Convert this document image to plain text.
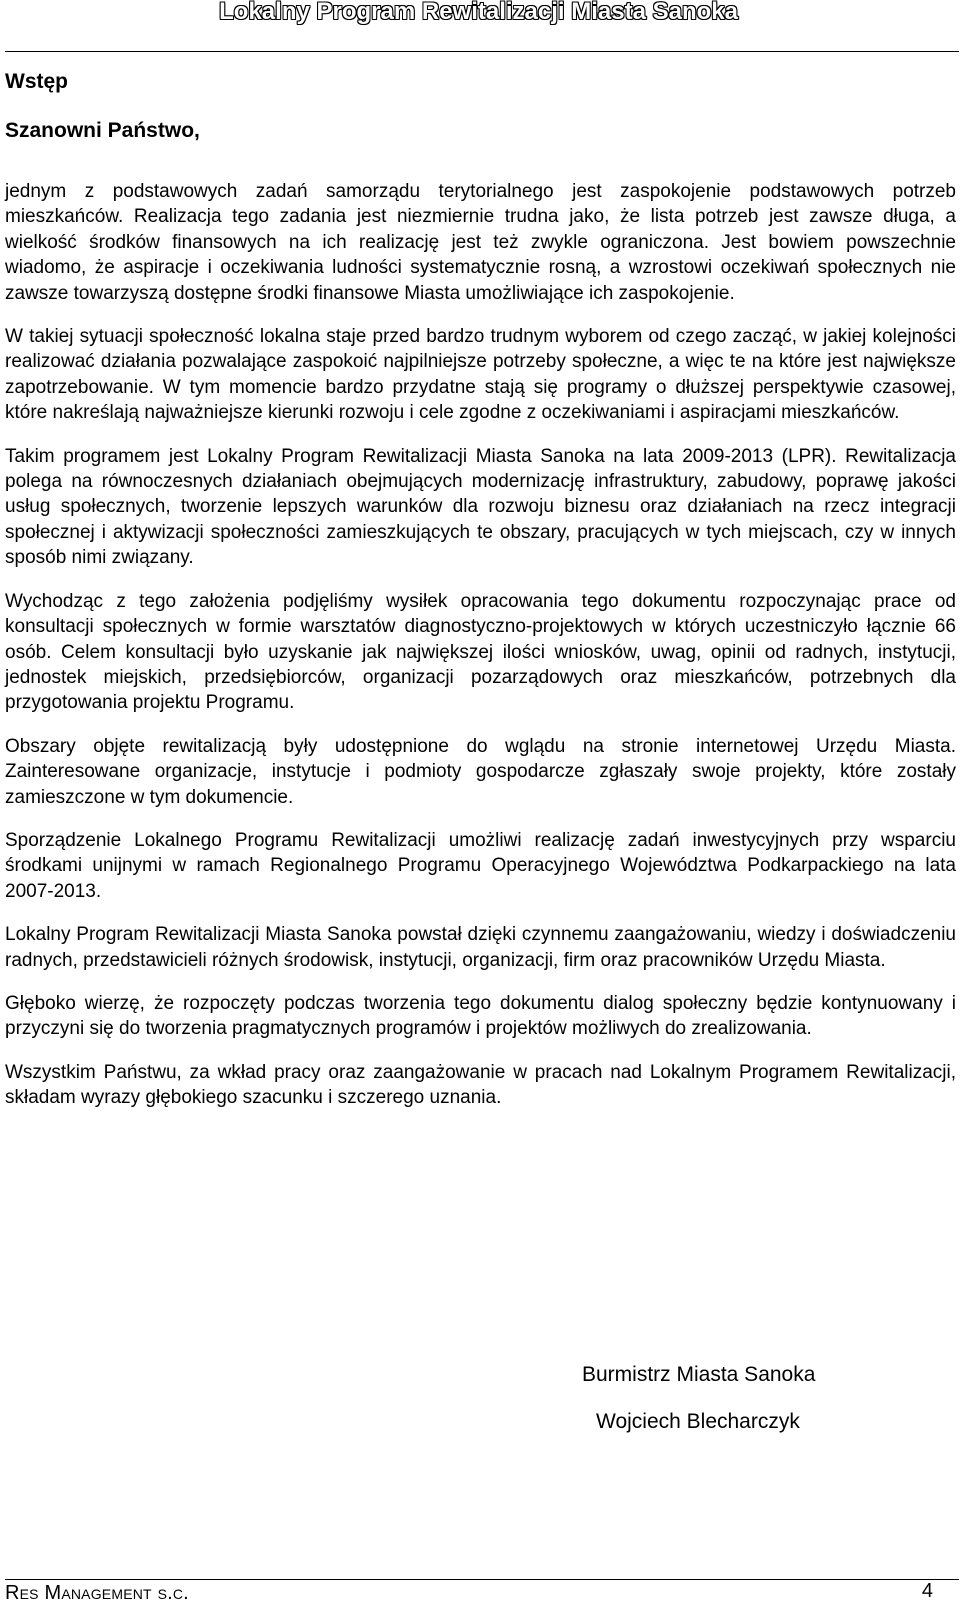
Lokalny Program Rewitalizacji Miasta Sanoka
Wstęp

Szanowni Państwo,

jednym z podstawowych zadań samorządu terytorialnego jest zaspokojenie podstawowych potrzeb mieszkańców. Realizacja tego zadania jest niezmiernie trudna jako, że lista potrzeb jest zawsze długa, a wielkość środków finansowych na ich realizację jest też zwykle ograniczona. Jest bowiem powszechnie wiadomo, że aspiracje i oczekiwania ludności systematycznie rosną, a wzrostowi oczekiwań społecznych nie zawsze towarzyszą dostępne środki finansowe Miasta umożliwiające ich zaspokojenie.

W takiej sytuacji społeczność lokalna staje przed bardzo trudnym wyborem od czego zacząć, w jakiej kolejności realizować działania pozwalające zaspokoić najpilniejsze potrzeby społeczne, a więc te na które jest największe zapotrzebowanie. W tym momencie bardzo przydatne stają się programy o dłuższej perspektywie czasowej, które nakreślają najważniejsze kierunki rozwoju i cele zgodne z oczekiwaniami i aspiracjami mieszkańców.

Takim programem jest Lokalny Program Rewitalizacji Miasta Sanoka na lata 2009-2013 (LPR). Rewitalizacja polega na równoczesnych działaniach obejmujących modernizację infrastruktury, zabudowy, poprawę jakości usług społecznych, tworzenie lepszych warunków dla rozwoju biznesu oraz działaniach na rzecz integracji społecznej i aktywizacji społeczności zamieszkujących te obszary, pracujących w tych miejscach, czy w innych sposób nimi związany.

Wychodząc z tego założenia podjęliśmy wysiłek opracowania tego dokumentu rozpoczynając prace od konsultacji społecznych w formie warsztatów diagnostyczno-projektowych w których uczestniczyło łącznie 66 osób. Celem konsultacji było uzyskanie jak największej ilości wniosków, uwag, opinii od radnych, instytucji, jednostek miejskich, przedsiębiorców, organizacji pozarządowych oraz mieszkańców, potrzebnych dla przygotowania projektu Programu.

Obszary objęte rewitalizacją były udostępnione do wglądu na stronie internetowej Urzędu Miasta. Zainteresowane organizacje, instytucje i podmioty gospodarcze zgłaszały swoje projekty, które zostały zamieszczone w tym dokumencie.

Sporządzenie Lokalnego Programu Rewitalizacji umożliwi realizację zadań inwestycyjnych przy wsparciu środkami unijnymi w ramach Regionalnego Programu Operacyjnego Województwa Podkarpackiego na lata 2007-2013.

Lokalny Program Rewitalizacji Miasta Sanoka powstał dzięki czynnemu zaangażowaniu, wiedzy i doświadczeniu radnych, przedstawicieli różnych środowisk, instytucji, organizacji, firm oraz pracowników Urzędu Miasta.

Głęboko wierzę, że rozpoczęty podczas tworzenia tego dokumentu dialog społeczny będzie kontynuowany i przyczyni się do tworzenia pragmatycznych programów i projektów możliwych do zrealizowania.

Wszystkim Państwu, za wkład pracy oraz zaangażowanie w pracach nad Lokalnym Programem Rewitalizacji, składam wyrazy głębokiego szacunku i szczerego uznania.

Burmistrz Miasta Sanoka
Wojciech Blecharczyk
Res Management s.c.	4
